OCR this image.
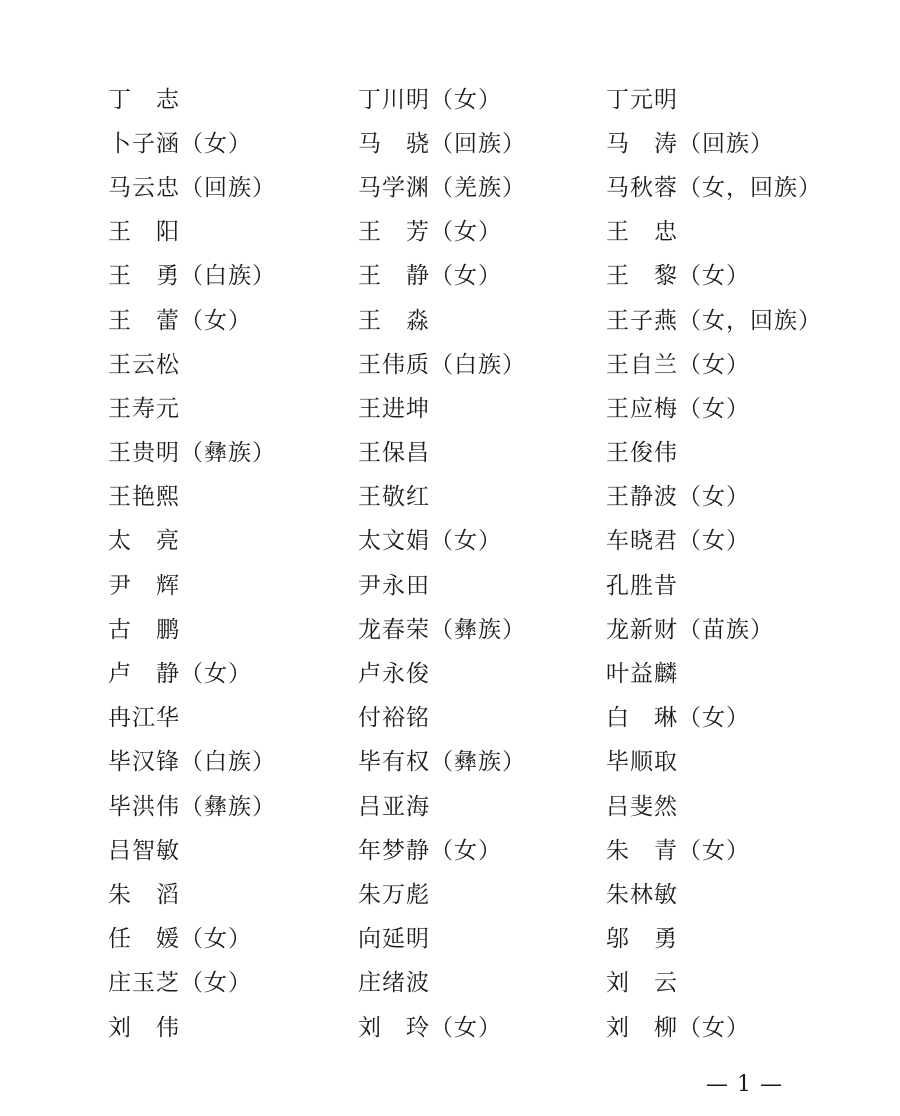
丁　志	丁川明（女）	丁元明
卜子涵（女）	马　骁（回族）	马　涛（回族）
马云忠（回族）	马学渊（羌族）	马秋蓉（女，回族）
王　阳	王　芳（女）	王　忠
王　勇（白族）	王　静（女）	王　黎（女）
王　蕾（女）	王　淼	王子燕（女，回族）
王云松	王伟质（白族）	王自兰（女）
王寿元	王进坤	王应梅（女）
王贵明（彝族）	王保昌	王俊伟
王艳熙	王敬红	王静波（女）
太　亮	太文娟（女）	车晓君（女）
尹　辉	尹永田	孔胜昔
古　鹏	龙春荣（彝族）	龙新财（苗族）
卢　静（女）	卢永俊	叶益麟
冉江华	付裕铭	白　琳（女）
毕汉锋（白族）	毕有权（彝族）	毕顺取
毕洪伟（彝族）	吕亚海	吕斐然
吕智敏	年梦静（女）	朱　青（女）
朱　滔	朱万彪	朱林敏
任　媛（女）	向延明	邬　勇
庄玉芝（女）	庄绪波	刘　云
刘　伟	刘　玲（女）	刘　柳（女）
— 1 —
